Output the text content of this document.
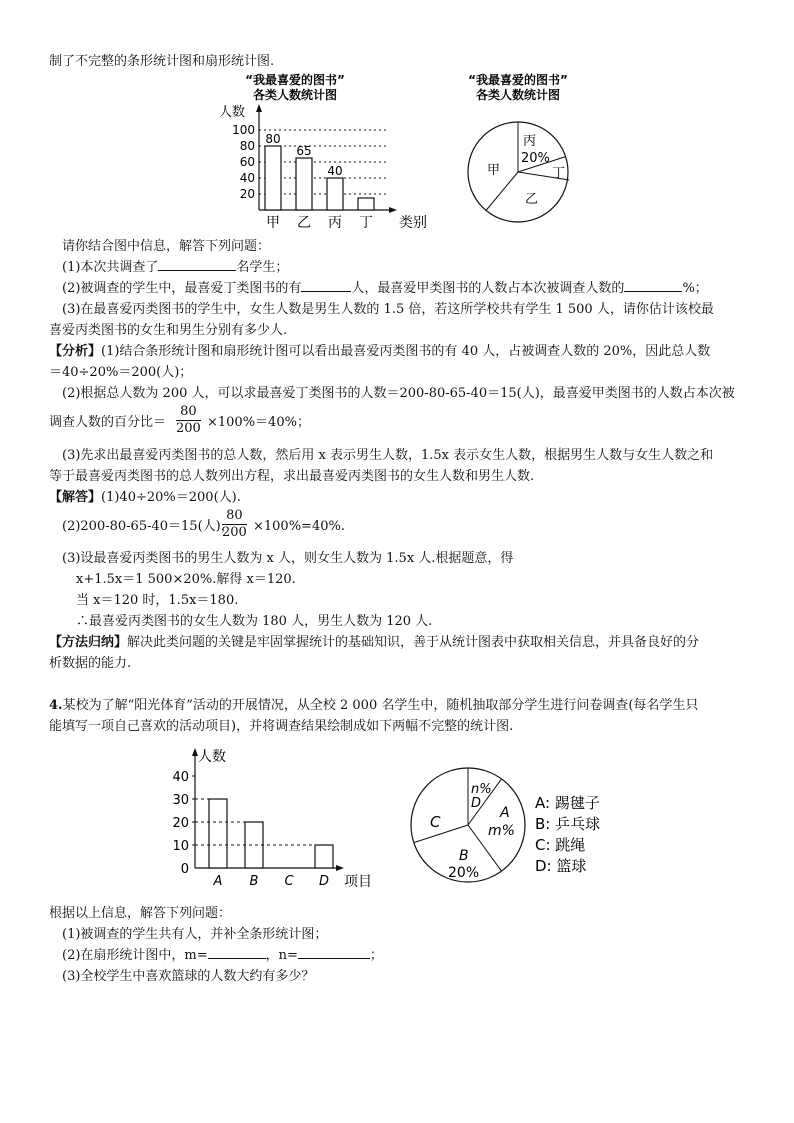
制了不完整的条形统计图和扇形统计图.
“我最喜爱的图书”
各类人数统计图
人数
100
80
60
40
20
80
65
40
甲 乙 丙 丁 类别
“我最喜爱的图书”
各类人数统计图
丙
20%
丁
甲
乙
请你结合图中信息，解答下列问题：
(1)本次共调查了	名学生；
(2)被调查的学生中，最喜爱丁类图书的有	人，最喜爱甲类图书的人数占本次被调查人数的	%；
(3)在最喜爱丙类图书的学生中，女生人数是男生人数的 1.5 倍，若这所学校共有学生 1 500 人，请你估计该校最
喜爱丙类图书的女生和男生分别有多少人.
【分析】(1)结合条形统计图和扇形统计图可以看出最喜爱丙类图书的有 40 人，占被调查人数的 20%，因此总人数
＝40÷20%＝200(人)；
(2)根据总人数为 200 人，可以求最喜爱丁类图书的人数＝200-80-65-40＝15(人)，最喜爱甲类图书的人数占本次被
调查人数的百分比＝ $\frac{80}{200} \times 100\%=40\%$；
(3)先求出最喜爱丙类图书的总人数，然后用 x 表示男生人数，1.5x 表示女生人数，根据男生人数与女生人数之和
等于最喜爱丙类图书的总人数列出方程，求出最喜爱丙类图书的女生人数和男生人数.
【解答】(1)40÷20%＝200(人).
(2)200-80-65-40＝15(人)，
$\frac{80}{200} \times 100\%=40\%$.
(3)设最喜爱丙类图书的男生人数为 x 人，则女生人数为 1.5x 人.根据题意，得
x+1.5x＝1 500×20%.解得 x＝120.
当 x＝120 时，1.5x＝180.
∴最喜爱丙类图书的女生人数为 180 人，男生人数为 120 人.
【方法归纳】解决此类问题的关键是牢固掌握统计的基础知识，善于从统计图表中获取相关信息，并具备良好的分
析数据的能力.
4.某校为了解“阳光体育”活动的开展情况，从全校 2 000 名学生中，随机抽取部分学生进行问卷调查(每名学生只
能填写一项自己喜欢的活动项目)，并将调查结果绘制成如下两幅不完整的统计图.
人数
40
30
20
10
0
A B C D 项目
n%
D
A
m%
C
B
20%
A: 踢毽子
B: 乒乓球
C: 跳绳
D: 篮球
根据以上信息，解答下列问题：
(1)被调查的学生共有人，并补全条形统计图；
(2)在扇形统计图中，m=	，n=	；
(3)全校学生中喜欢篮球的人数大约有多少？
